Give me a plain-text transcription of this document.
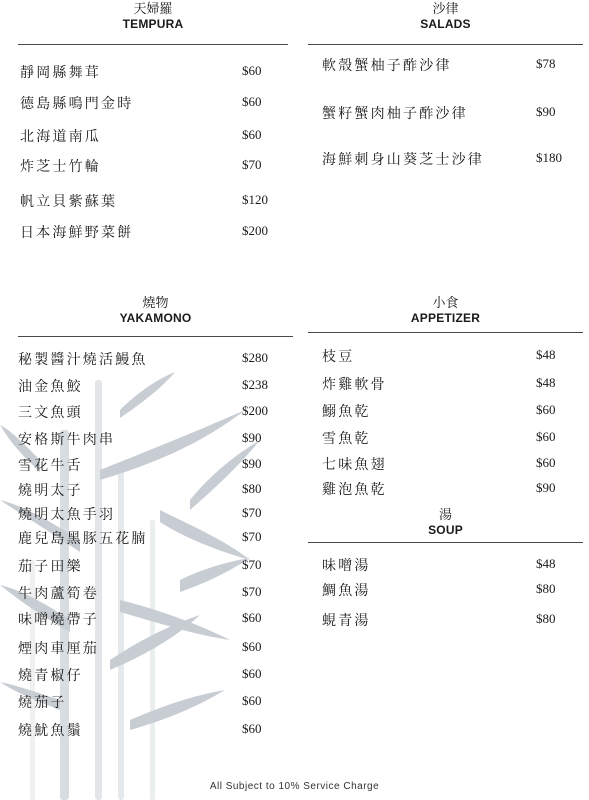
天婦羅
TEMPURA
靜岡縣舞茸	$60
德島縣鳴門金時	$60
北海道南瓜	$60
炸芝士竹輪	$70
帆立貝紫蘇葉	$120
日本海鮮野菜餅	$200
沙律
SALADS
軟殼蟹柚子酢沙律	$78
蟹籽蟹肉柚子酢沙律	$90
海鮮刺身山葵芝士沙律	$180
燒物
YAKAMONO
秘製醬汁燒活鰻魚	$280
油金魚鮫	$238
三文魚頭	$200
安格斯牛肉串	$90
雪花牛舌	$90
燒明太子	$80
燒明太魚手羽	$70
鹿兒島黑豚五花腩	$70
茄子田樂	$70
牛肉蘆筍卷	$70
味噌燒帶子	$60
煙肉車厘茄	$60
燒青椒仔	$60
燒茄子	$60
燒魷魚鬚	$60
小食
APPETIZER
枝豆	$48
炸雞軟骨	$48
鰯魚乾	$60
雪魚乾	$60
七味魚翅	$60
雞泡魚乾	$90
湯
SOUP
味噌湯	$48
鯛魚湯	$80
蜆青湯	$80
All Subject to 10% Service Charge
